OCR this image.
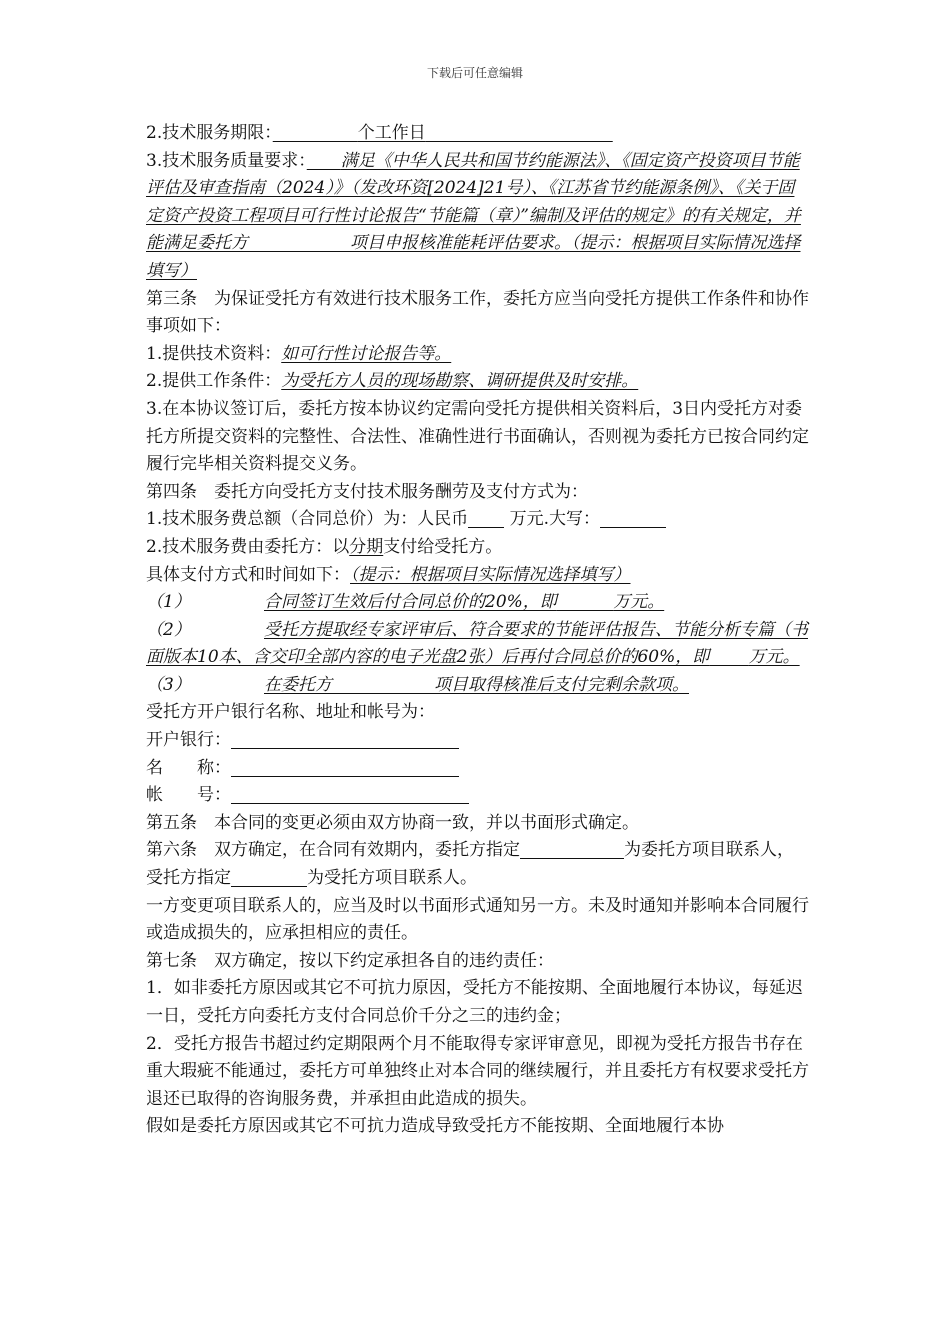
下载后可任意编辑

2.技术服务期限：　　　　　	个工作日　　　　　　　　　　　

3.技术服务质量要求：　　 满足《中华人民共和国节约能源法》、《固定资产投资项目节能评估及审查指南（2024）》（发改环资[2024]21号）、《江苏省节约能源条例》、《关于固定资产投资工程项目可行性讨论报告“节能篇（章）”编制及评估的规定》的有关规定，并能满足委托方　　　　　　	项目申报核准能耗评估要求。（提示：根据项目实际情况选择填写）

第三条　为保证受托方有效进行技术服务工作，委托方应当向受托方提供工作条件和协作事项如下：

1.提供技术资料：如可行性讨论报告等。

2.提供工作条件：为受托方人员的现场勘察、调研提供及时安排。

3.在本协议签订后，委托方按本协议约定需向受托方提供相关资料后，3日内受托方对委托方所提交资料的完整性、合法性、准确性进行书面确认，否则视为委托方已按合同约定履行完毕相关资料提交义务。

第四条　委托方向受托方支付技术服务酬劳及支付方式为：

1.技术服务费总额（合同总价）为：人民币 万元.大写：

2.技术服务费由委托方：以分期支付给受托方。

具体支付方式和时间如下：（提示：根据项目实际情况选择填写）

（1）	合同签订生效后付合同总价的20%，即　　　	万元。

（2）	受托方提取经专家评审后、符合要求的节能评估报告、节能分析专篇（书面版本10本、含交印全部内容的电子光盘2张）后再付合同总价的60%，即　　 万元。

（3）	在委托方　　　　　　	项目取得核准后支付完剩余款项。

受托方开户银行名称、地址和帐号为：

开户银行：

名　　称：

帐　　号：

第五条　本合同的变更必须由双方协商一致，并以书面形式确定。

第六条　双方确定，在合同有效期内，委托方指定	为委托方项目联系人，受托方指定	为受托方项目联系人。

一方变更项目联系人的，应当及时以书面形式通知另一方。未及时通知并影响本合同履行或造成损失的，应承担相应的责任。

第七条　双方确定，按以下约定承担各自的违约责任：

1．如非委托方原因或其它不可抗力原因，受托方不能按期、全面地履行本协议，每延迟一日，受托方向委托方支付合同总价千分之三的违约金；

2．受托方报告书超过约定期限两个月不能取得专家评审意见，即视为受托方报告书存在重大瑕疵不能通过，委托方可单独终止对本合同的继续履行，并且委托方有权要求受托方退还已取得的咨询服务费，并承担由此造成的损失。

假如是委托方原因或其它不可抗力造成导致受托方不能按期、全面地履行本协
